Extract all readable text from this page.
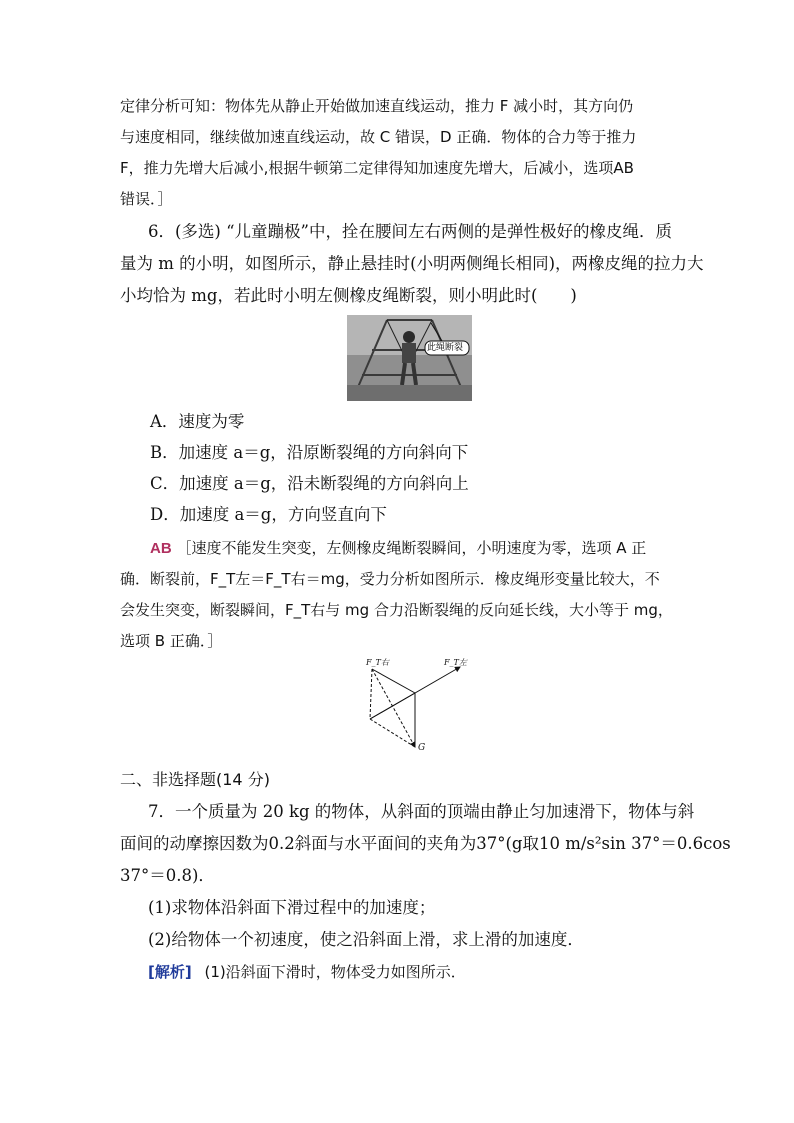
定律分析可知：物体先从静止开始做加速直线运动，推力 F 减小时，其方向仍
与速度相同，继续做加速直线运动，故 C 错误，D 正确．物体的合力等于推力
F，推力先增大后减小,根据牛顿第二定律得知加速度先增大，后减小，选项AB
错误．］
6．(多选) “儿童蹦极”中，拴在腰间左右两侧的是弹性极好的橡皮绳．质
量为 m 的小明，如图所示，静止悬挂时(小明两侧绳长相同)，两橡皮绳的拉力大
小均恰为 mg，若此时小明左侧橡皮绳断裂，则小明此时(　　)
此绳断裂
A．速度为零
B．加速度 a＝g，沿原断裂绳的方向斜向下
C．加速度 a＝g，沿未断裂绳的方向斜向上
D．加速度 a＝g，方向竖直向下
AB ［速度不能发生突变，左侧橡皮绳断裂瞬间，小明速度为零，选项 A 正
确．断裂前，F_T左＝F_T右＝mg，受力分析如图所示．橡皮绳形变量比较大，不
会发生突变，断裂瞬间，F_T右与 mg 合力沿断裂绳的反向延长线，大小等于 mg，
选项 B 正确．］
F_T右	F_T左
G
二、非选择题(14 分)
7．一个质量为 20 kg 的物体，从斜面的顶端由静止匀加速滑下，物体与斜
面间的动摩擦因数为0.2斜面与水平面间的夹角为37°(g取10 m/s²sin 37°＝0.6cos
37°＝0.8)．
(1)求物体沿斜面下滑过程中的加速度；
(2)给物体一个初速度，使之沿斜面上滑，求上滑的加速度．
[解析] (1)沿斜面下滑时，物体受力如图所示．
